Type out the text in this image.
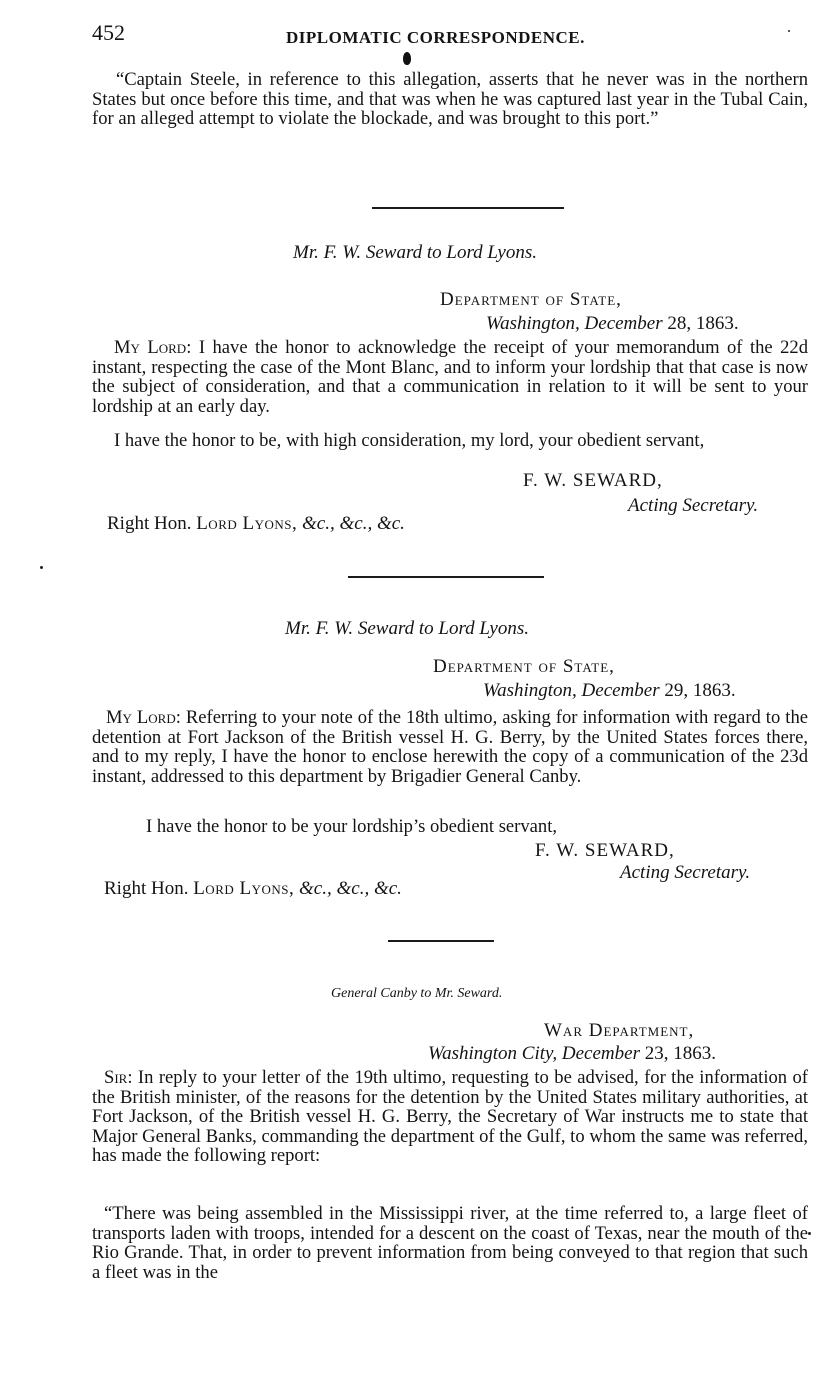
452	DIPLOMATIC CORRESPONDENCE.
“Captain Steele, in reference to this allegation, asserts that he never was in the northern States but once before this time, and that was when he was captured last year in the Tubal Cain, for an alleged attempt to violate the blockade, and was brought to this port.”
Mr. F. W. Seward to Lord Lyons.
Department of State,
Washington, December 28, 1863.
My Lord: I have the honor to acknowledge the receipt of your memorandum of the 22d instant, respecting the case of the Mont Blanc, and to inform your lordship that that case is now the subject of consideration, and that a communication in relation to it will be sent to your lordship at an early day.
I have the honor to be, with high consideration, my lord, your obedient servant,
F. W. SEWARD,
Acting Secretary.
Right Hon. Lord Lyons, &c., &c., &c.
Mr. F. W. Seward to Lord Lyons.
Department of State,
Washington, December 29, 1863.
My Lord: Referring to your note of the 18th ultimo, asking for information with regard to the detention at Fort Jackson of the British vessel H. G. Berry, by the United States forces there, and to my reply, I have the honor to enclose herewith the copy of a communication of the 23d instant, addressed to this department by Brigadier General Canby.
I have the honor to be your lordship’s obedient servant,
F. W. SEWARD,
Acting Secretary.
Right Hon. Lord Lyons, &c., &c., &c.
General Canby to Mr. Seward.
War Department,
Washington City, December 23, 1863.
Sir: In reply to your letter of the 19th ultimo, requesting to be advised, for the information of the British minister, of the reasons for the detention by the United States military authorities, at Fort Jackson, of the British vessel H. G. Berry, the Secretary of War instructs me to state that Major General Banks, commanding the department of the Gulf, to whom the same was referred, has made the following report:
“There was being assembled in the Mississippi river, at the time referred to, a large fleet of transports laden with troops, intended for a descent on the coast of Texas, near the mouth of the Rio Grande. That, in order to prevent information from being conveyed to that region that such a fleet was in the
